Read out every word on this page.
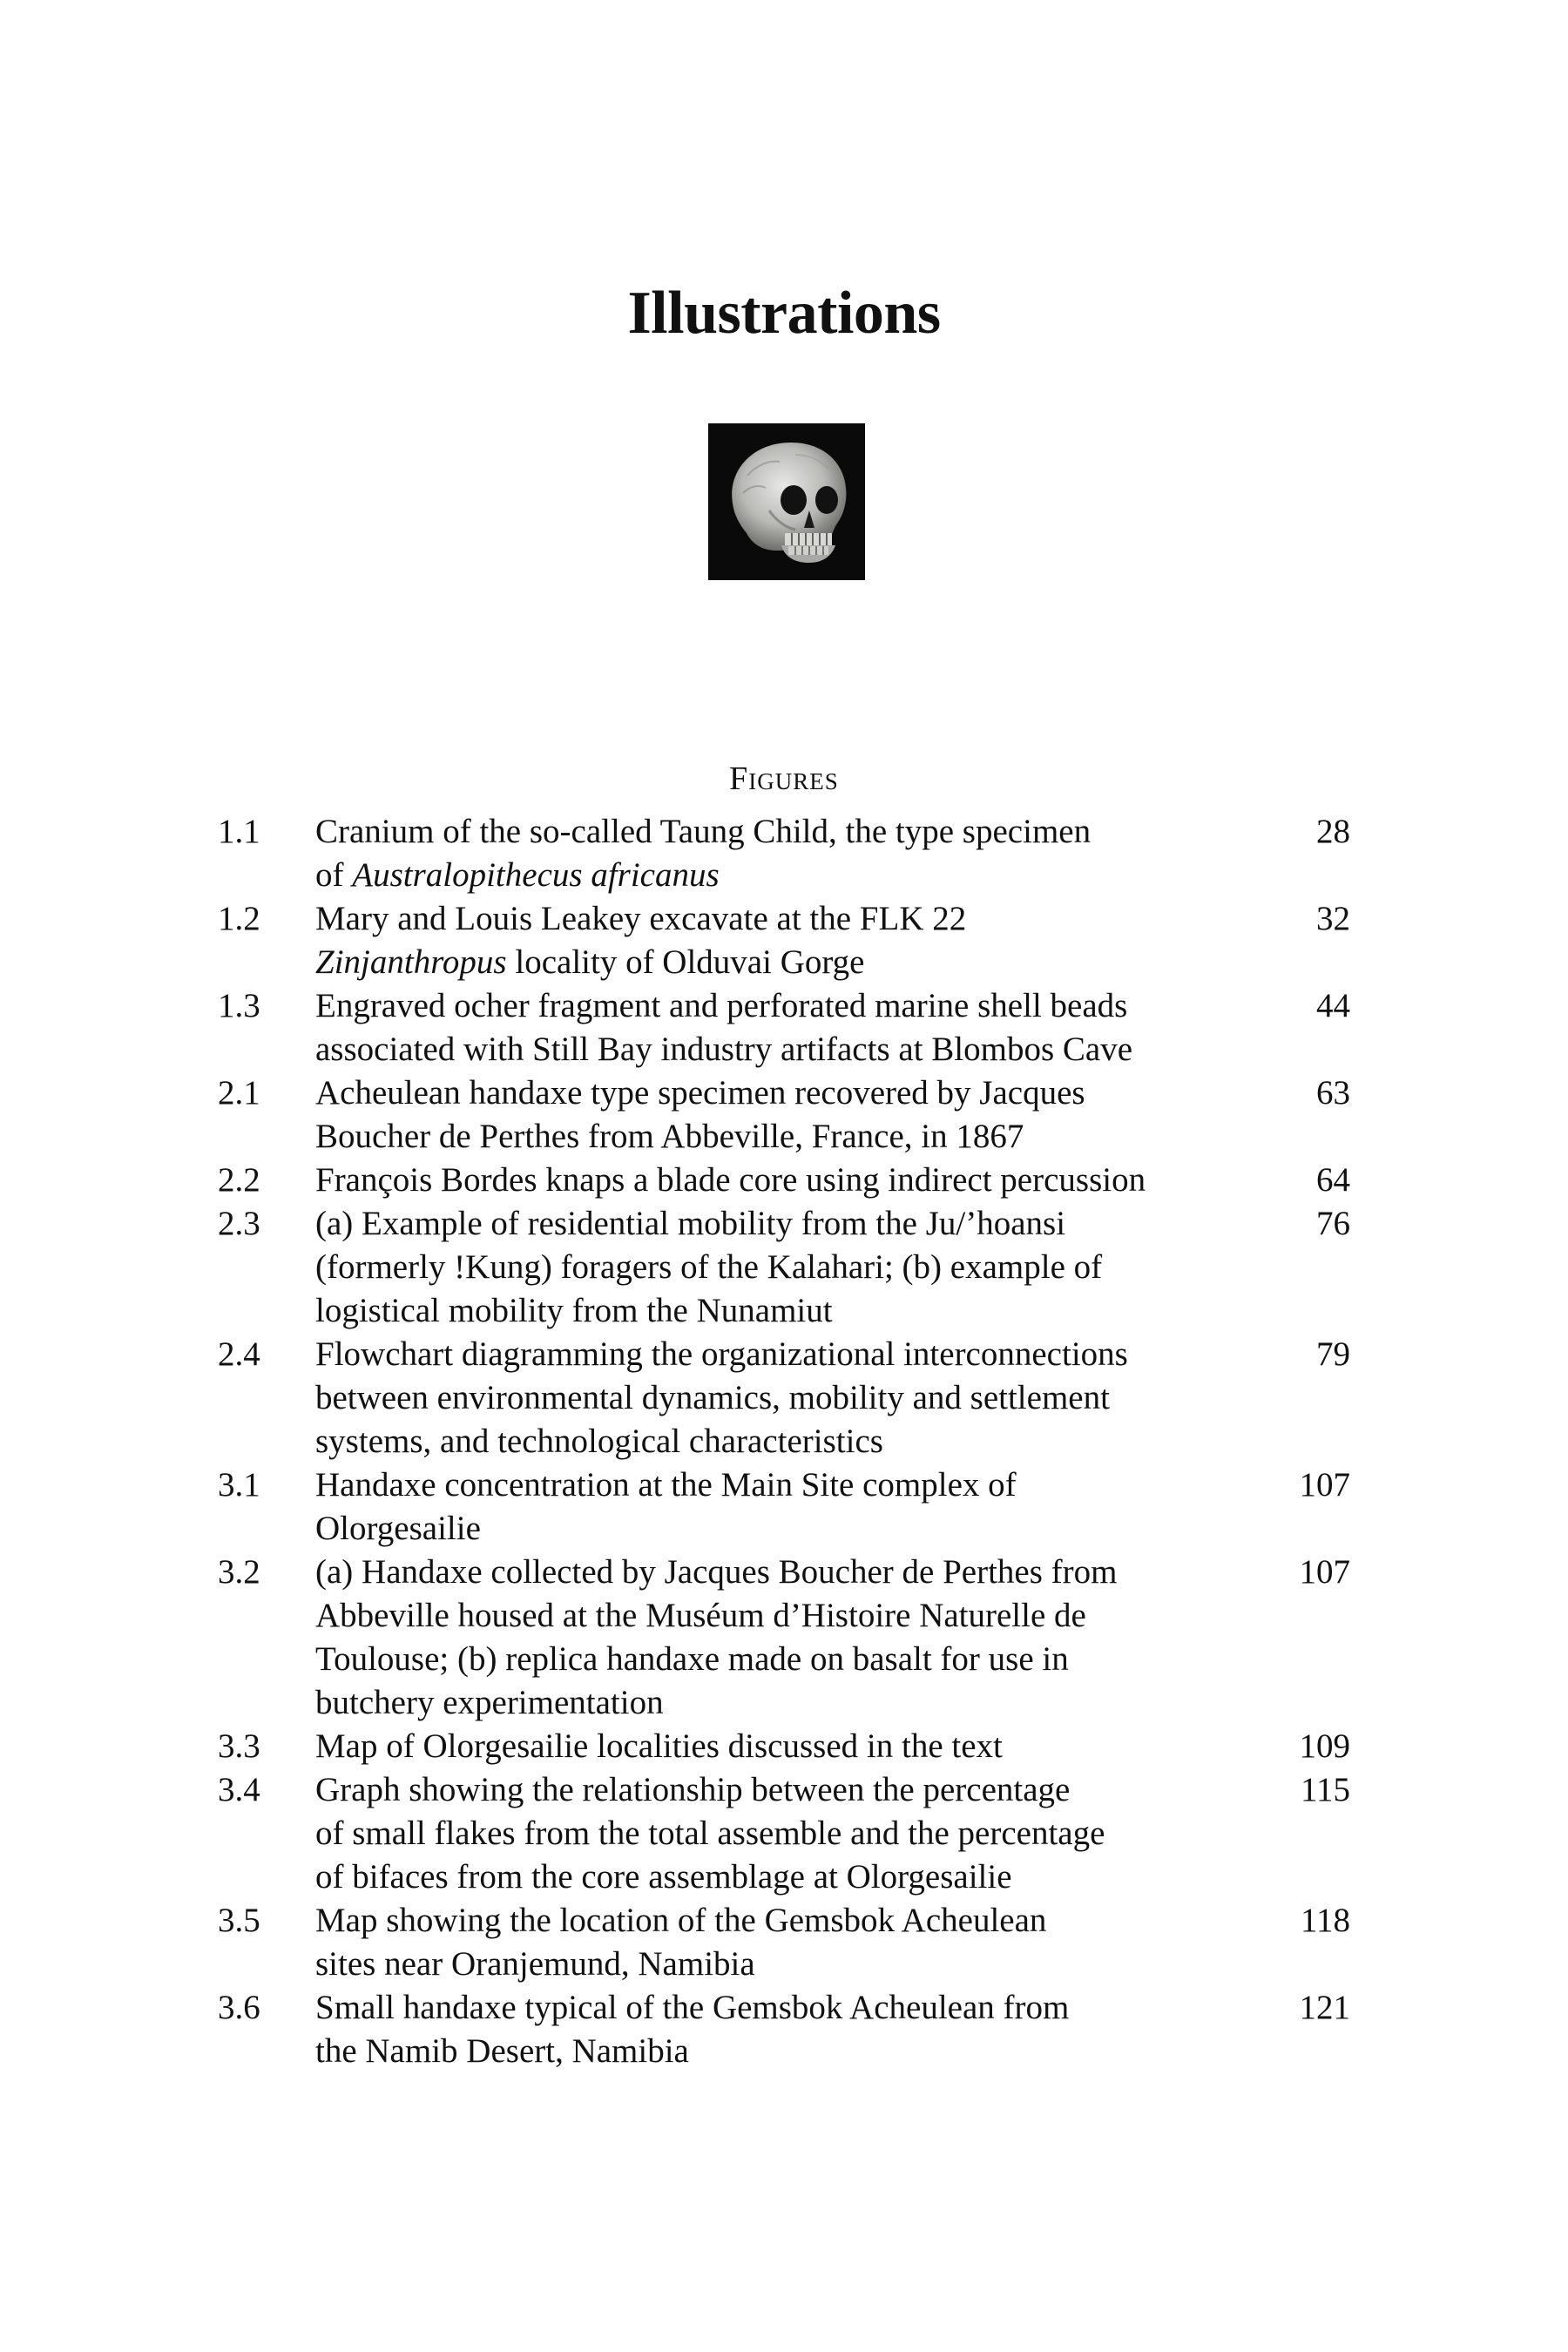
Illustrations
Figures
1.1	Cranium of the so-called Taung Child, the type specimen
of Australopithecus africanus
28
1.2	Mary and Louis Leakey excavate at the FLK 22
Zinjanthropus locality of Olduvai Gorge
32
1.3	Engraved ocher fragment and perforated marine shell beads
associated with Still Bay industry artifacts at Blombos Cave
44
2.1	Acheulean handaxe type specimen recovered by Jacques
Boucher de Perthes from Abbeville, France, in 1867
63
2.2	François Bordes knaps a blade core using indirect percussion	64
2.3	(a) Example of residential mobility from the Ju/’hoansi
(formerly !Kung) foragers of the Kalahari; (b) example of
logistical mobility from the Nunamiut
76
2.4	Flowchart diagramming the organizational interconnections
between environmental dynamics, mobility and settlement
systems, and technological characteristics
79
3.1	Handaxe concentration at the Main Site complex of
Olorgesailie
107
3.2	(a) Handaxe collected by Jacques Boucher de Perthes from
Abbeville housed at the Muséum d’Histoire Naturelle de
Toulouse; (b) replica handaxe made on basalt for use in
butchery experimentation
107
3.3	Map of Olorgesailie localities discussed in the text	109
3.4	Graph showing the relationship between the percentage
of small flakes from the total assemble and the percentage
of bifaces from the core assemblage at Olorgesailie
115
3.5	Map showing the location of the Gemsbok Acheulean
sites near Oranjemund, Namibia
118
3.6	Small handaxe typical of the Gemsbok Acheulean from
the Namib Desert, Namibia
121
